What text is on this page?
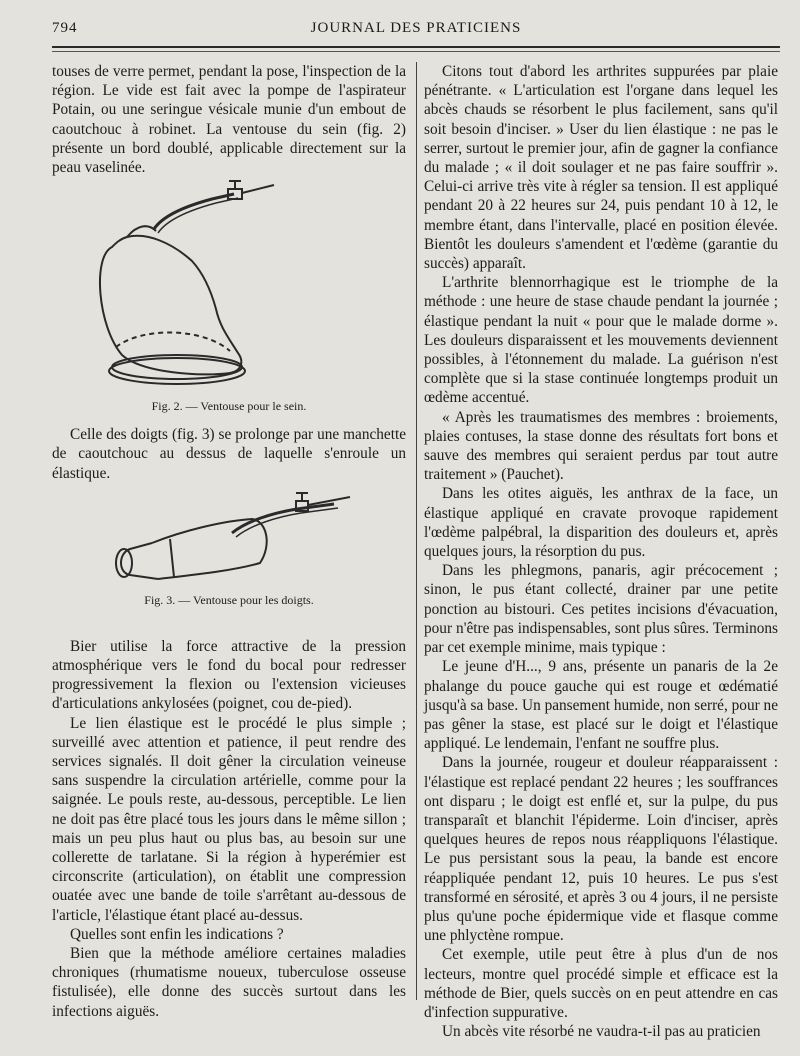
794	JOURNAL DES PRATICIENS

touses de verre permet, pendant la pose, l'inspection de la région. Le vide est fait avec la pompe de l'aspirateur Potain, ou une seringue vésicale munie d'un embout de caoutchouc à robinet. La ventouse du sein (fig. 2) présente un bord doublé, applicable directement sur la peau vaselinée.

Fig. 2. — Ventouse pour le sein.

Celle des doigts (fig. 3) se prolonge par une manchette de caoutchouc au dessus de laquelle s'enroule un élastique.

Fig. 3. — Ventouse pour les doigts.

Bier utilise la force attractive de la pression atmosphérique vers le fond du bocal pour redresser progressivement la flexion ou l'extension vicieuses d'articulations ankylosées (poignet, cou de-pied).

Le lien élastique est le procédé le plus simple ; surveillé avec attention et patience, il peut rendre des services signalés. Il doit gêner la circulation veineuse sans suspendre la circulation artérielle, comme pour la saignée. Le pouls reste, au-dessous, perceptible. Le lien ne doit pas être placé tous les jours dans le même sillon ; mais un peu plus haut ou plus bas, au besoin sur une collerette de tarlatane. Si la région à hyperémier est circonscrite (articulation), on établit une compression ouatée avec une bande de toile s'arrêtant au-dessous de l'article, l'élastique étant placé au-dessus.

Quelles sont enfin les indications ?

Bien que la méthode améliore certaines maladies chroniques (rhumatisme noueux, tuberculose osseuse fistulisée), elle donne des succès surtout dans les infections aiguës.

Citons tout d'abord les arthrites suppurées par plaie pénétrante. « L'articulation est l'organe dans lequel les abcès chauds se résorbent le plus facilement, sans qu'il soit besoin d'inciser. » User du lien élastique : ne pas le serrer, surtout le premier jour, afin de gagner la confiance du malade ; « il doit soulager et ne pas faire souffrir ». Celui-ci arrive très vite à régler sa tension. Il est appliqué pendant 20 à 22 heures sur 24, puis pendant 10 à 12, le membre étant, dans l'intervalle, placé en position élevée. Bientôt les douleurs s'amendent et l'œdème (garantie du succès) apparaît.

L'arthrite blennorrhagique est le triomphe de la méthode : une heure de stase chaude pendant la journée ; élastique pendant la nuit « pour que le malade dorme ». Les douleurs disparaissent et les mouvements deviennent possibles, à l'étonnement du malade. La guérison n'est complète que si la stase continuée longtemps produit un œdème accentué.

« Après les traumatismes des membres : broiements, plaies contuses, la stase donne des résultats fort bons et sauve des membres qui seraient perdus par tout autre traitement » (Pauchet).

Dans les otites aiguës, les anthrax de la face, un élastique appliqué en cravate provoque rapidement l'œdème palpébral, la disparition des douleurs et, après quelques jours, la résorption du pus.

Dans les phlegmons, panaris, agir précocement ; sinon, le pus étant collecté, drainer par une petite ponction au bistouri. Ces petites incisions d'évacuation, pour n'être pas indispensables, sont plus sûres. Terminons par cet exemple minime, mais typique :

Le jeune d'H..., 9 ans, présente un panaris de la 2e phalange du pouce gauche qui est rouge et œdématié jusqu'à sa base. Un pansement humide, non serré, pour ne pas gêner la stase, est placé sur le doigt et l'élastique appliqué. Le lendemain, l'enfant ne souffre plus.

Dans la journée, rougeur et douleur réapparaissent : l'élastique est replacé pendant 22 heures ; les souffrances ont disparu ; le doigt est enflé et, sur la pulpe, du pus transparaît et blanchit l'épiderme. Loin d'inciser, après quelques heures de repos nous réappliquons l'élastique. Le pus persistant sous la peau, la bande est encore réappliquée pendant 12, puis 10 heures. Le pus s'est transformé en sérosité, et après 3 ou 4 jours, il ne persiste plus qu'une poche épidermique vide et flasque comme une phlyctène rompue.

Cet exemple, utile peut être à plus d'un de nos lecteurs, montre quel procédé simple et efficace est la méthode de Bier, quels succès on en peut attendre en cas d'infection suppurative.

Un abcès vite résorbé ne vaudra-t-il pas au praticien
